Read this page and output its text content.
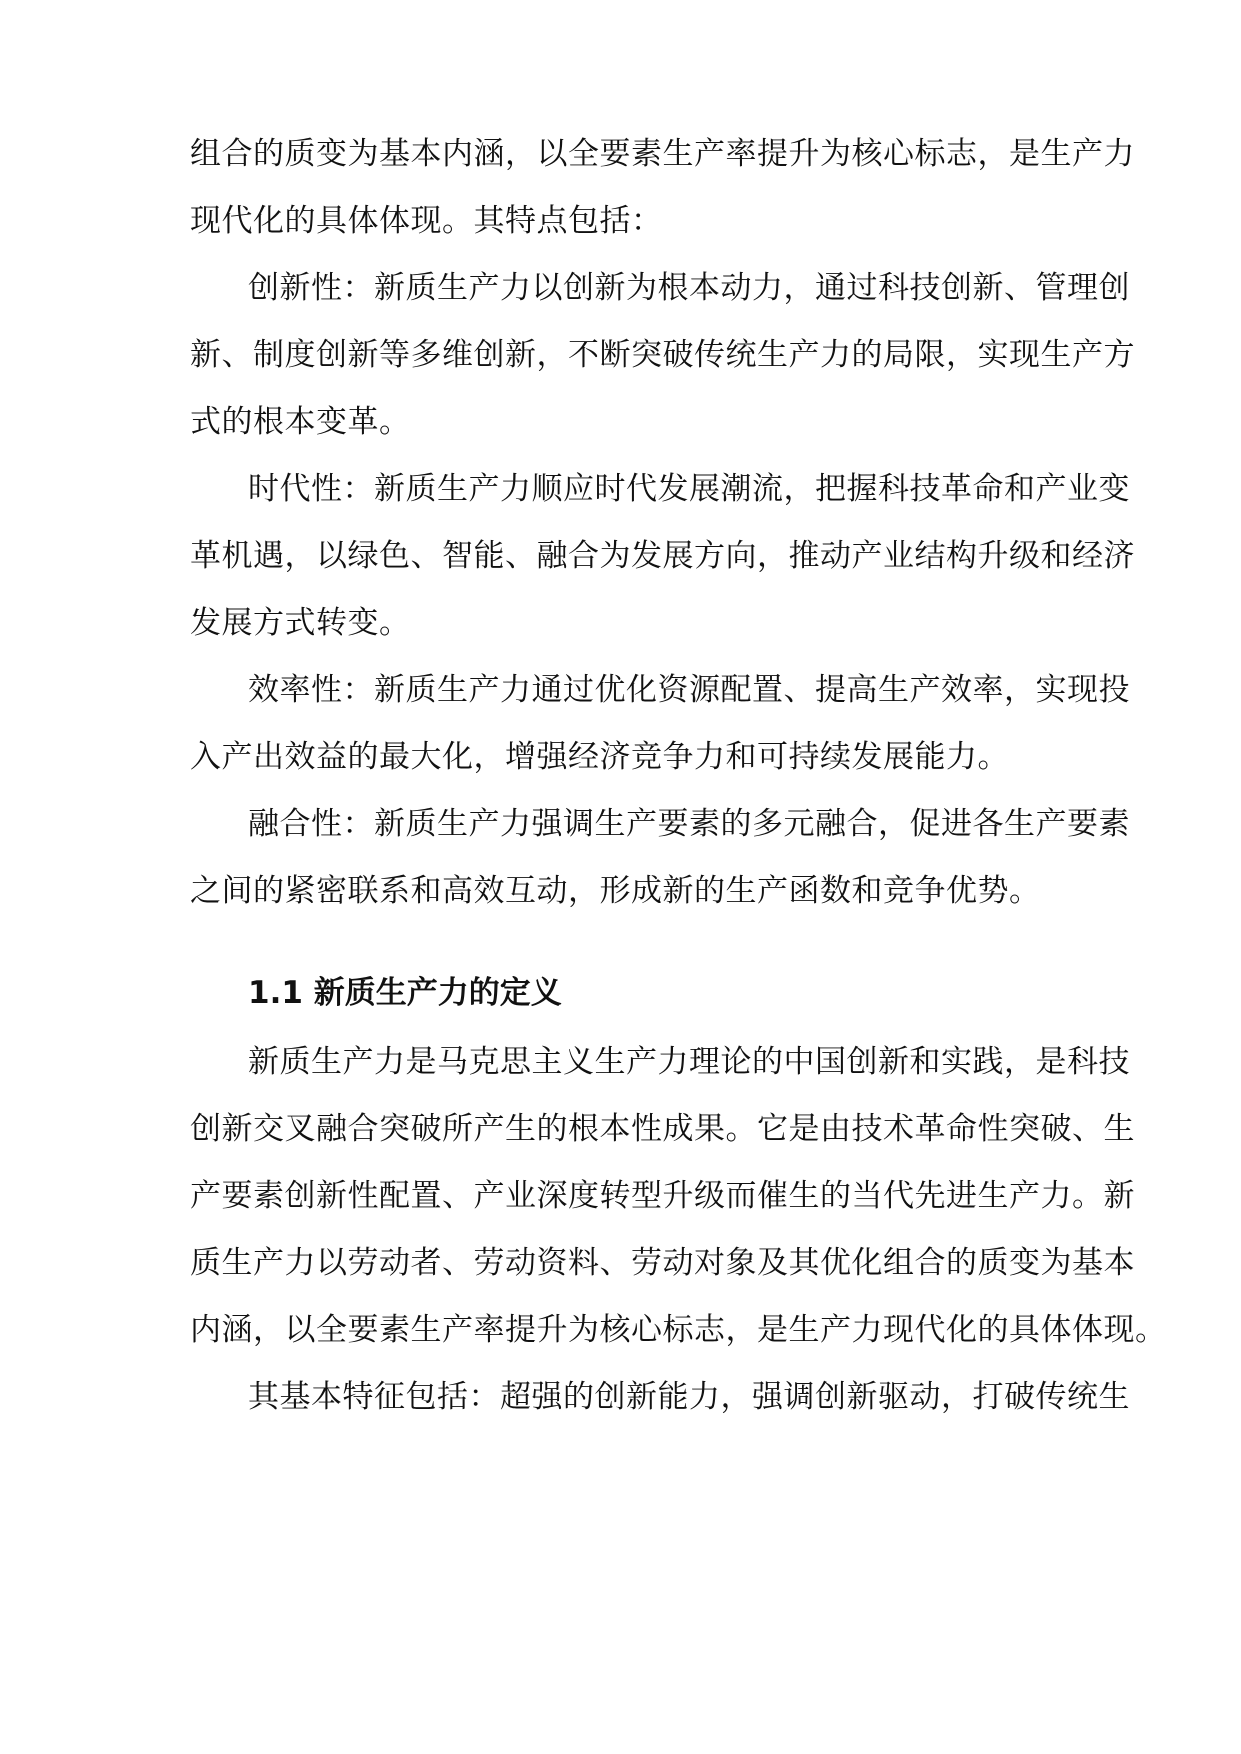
组合的质变为基本内涵，以全要素生产率提升为核心标志，是生产力
现代化的具体体现。其特点包括：
创新性：新质生产力以创新为根本动力，通过科技创新、管理创
新、制度创新等多维创新，不断突破传统生产力的局限，实现生产方
式的根本变革。
时代性：新质生产力顺应时代发展潮流，把握科技革命和产业变
革机遇，以绿色、智能、融合为发展方向，推动产业结构升级和经济
发展方式转变。
效率性：新质生产力通过优化资源配置、提高生产效率，实现投
入产出效益的最大化，增强经济竞争力和可持续发展能力。
融合性：新质生产力强调生产要素的多元融合，促进各生产要素
之间的紧密联系和高效互动，形成新的生产函数和竞争优势。
1.1 新质生产力的定义
新质生产力是马克思主义生产力理论的中国创新和实践，是科技
创新交叉融合突破所产生的根本性成果。它是由技术革命性突破、生
产要素创新性配置、产业深度转型升级而催生的当代先进生产力。新
质生产力以劳动者、劳动资料、劳动对象及其优化组合的质变为基本
内涵，以全要素生产率提升为核心标志，是生产力现代化的具体体现。
其基本特征包括：超强的创新能力，强调创新驱动，打破传统生
